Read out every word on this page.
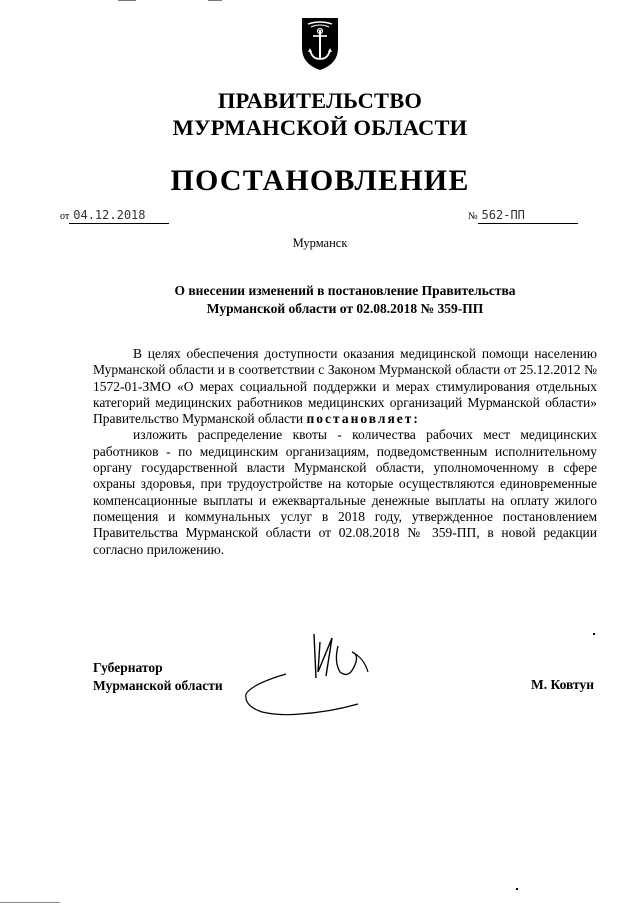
ПРАВИТЕЛЬСТВО
МУРМАНСКОЙ ОБЛАСТИ
ПОСТАНОВЛЕНИЕ
от 04.12.2018	№ 562-ПП
Мурманск
О внесении изменений в постановление Правительства
Мурманской области от 02.08.2018 № 359-ПП

В целях обеспечения доступности оказания медицинской помощи населению Мурманской области и в соответствии с Законом Мурманской области от 25.12.2012 № 1572-01-ЗМО «О мерах социальной поддержки и мерах стимулирования отдельных категорий медицинских работников медицинских организаций Мурманской области» Правительство Мурманской области постановляет:

изложить распределение квоты - количества рабочих мест медицинских работников - по медицинским организациям, подведомственным исполнительному органу государственной власти Мурманской области, уполномоченному в сфере охраны здоровья, при трудоустройстве на которые осуществляются единовременные компенсационные выплаты и ежеквартальные денежные выплаты на оплату жилого помещения и коммунальных услуг в 2018 году, утвержденное постановлением Правительства Мурманской области от 02.08.2018 № 359-ПП, в новой редакции согласно приложению.

Губернатор
Мурманской области	М. Ковтун
